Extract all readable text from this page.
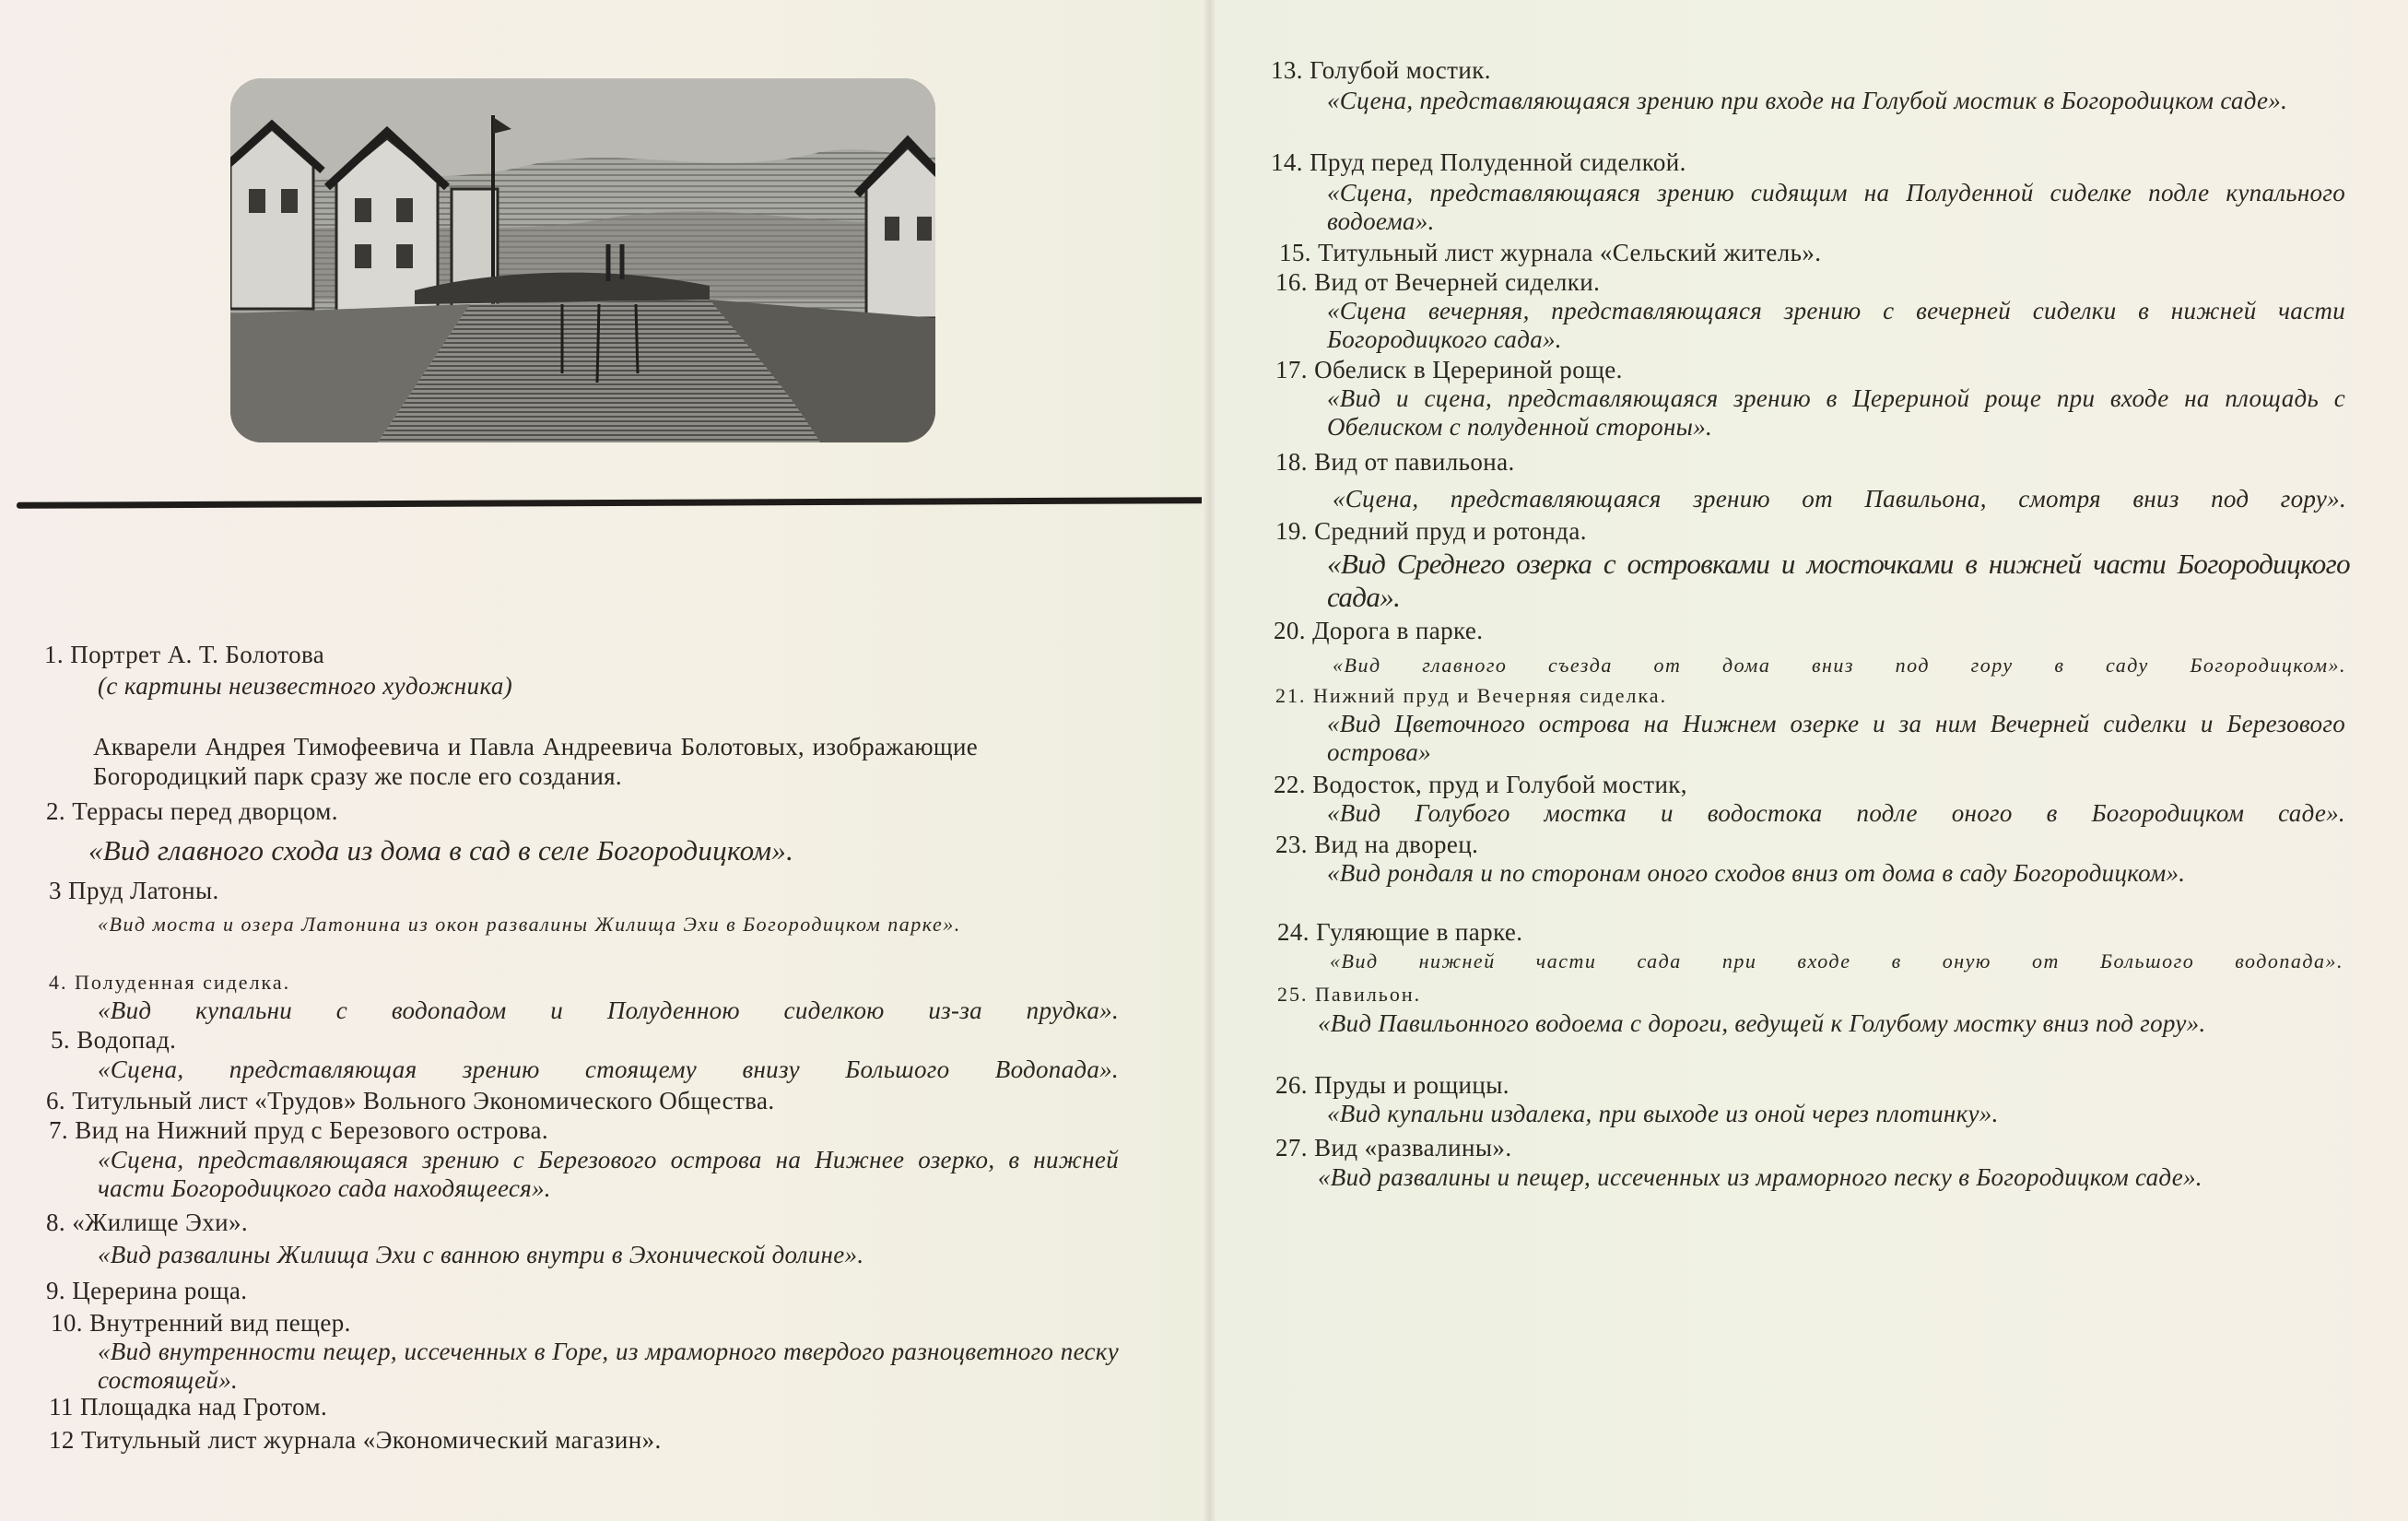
1. Портрет А. Т. Болотова
(с картины неизвестного художника)
Акварели Андрея Тимофеевича и Павла Андреевича Болотовых, изображающие Богородицкий парк сразу же после его создания.
2. Террасы перед дворцом.
«Вид главного схода из дома в сад в селе Богородицком».
3 Пруд Латоны.
«Вид моста и озера Латонина из окон развалины Жилища Эхи в Богородицком парке».
4. Полуденная сиделка.
«Вид купальни с водопадом и Полуденною сиделкою из-за прудка».
5. Водопад.
«Сцена, представляющая зрению стоящему внизу Большого Водопада».
6. Титульный лист «Трудов» Вольного Экономического Общества.
7. Вид на Нижний пруд с Березового острова.
«Сцена, представляющаяся зрению с Березового острова на Нижнее озерко, в нижней части Богородицкого сада находящееся».
8. «Жилище Эхи».
«Вид развалины Жилища Эхи с ванною внутри в Эхонической долине».
9. Церерина роща.
10. Внутренний вид пещер.
«Вид внутренности пещер, иссеченных в Горе, из мраморного твердого разноцветного песку состоящей».
11 Площадка над Гротом.
12 Титульный лист журнала «Экономический магазин».
13. Голубой мостик.
«Сцена, представляющаяся зрению при входе на Голубой мостик в Богородицком саде».
14. Пруд перед Полуденной сиделкой.
«Сцена, представляющаяся зрению сидящим на Полуденной сиделке подле купального водоема».
15. Титульный лист журнала «Сельский житель».
16. Вид от Вечерней сиделки.
«Сцена вечерняя, представляющаяся зрению с вечерней сиделки в нижней части Богородицкого сада».
17. Обелиск в Церериной роще.
«Вид и сцена, представляющаяся зрению в Церериной роще при входе на площадь с Обелиском с полуденной стороны».
18. Вид от павильона.
«Сцена, представляющаяся зрению от Павильона, смотря вниз под гору».
19. Средний пруд и ротонда.
«Вид Среднего озерка с островками и мосточками в нижней части Богородицкого сада».
20. Дорога в парке.
«Вид главного съезда от дома вниз под гору в саду Богородицком».
21. Нижний пруд и Вечерняя сиделка.
«Вид Цветочного острова на Нижнем озерке и за ним Вечерней сиделки и Березового острова»
22. Водосток, пруд и Голубой мостик,
«Вид Голубого мостка и водостока подле оного в Богородицком саде».
23. Вид на дворец.
«Вид рондаля и по сторонам оного сходов вниз от дома в саду Богородицком».
24. Гуляющие в парке.
«Вид нижней части сада при входе в оную от Большого водопада».
25. Павильон.
«Вид Павильонного водоема с дороги, ведущей к Голубому мостку вниз под гору».
26. Пруды и рощицы.
«Вид купальни издалека, при выходе из оной через плотинку».
27. Вид «развалины».
«Вид развалины и пещер, иссеченных из мраморного песку в Богородицком саде».
